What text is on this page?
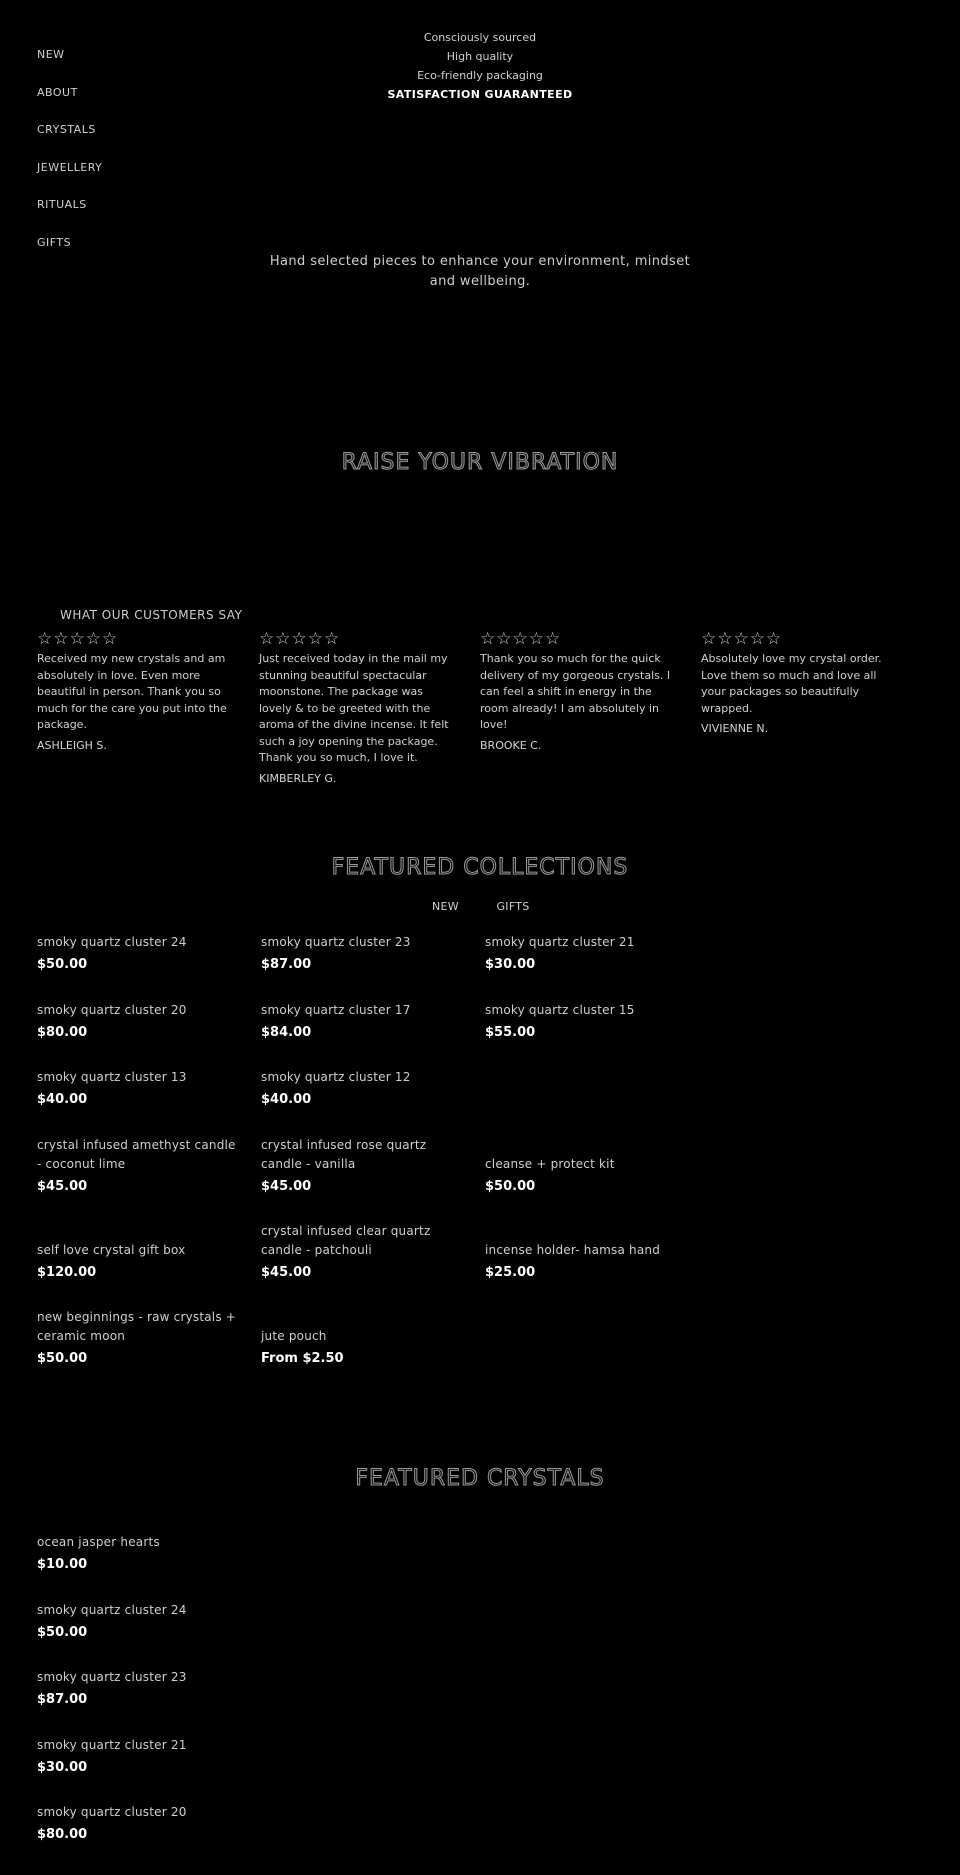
NEW
ABOUT
CRYSTALS
JEWELLERY
RITUALS
GIFTS
Consciously sourced
High quality
Eco-friendly packaging
SATISFACTION GUARANTEED
Hand selected pieces to enhance your environment, mindset and wellbeing.
RAISE YOUR VIBRATION
WHAT OUR CUSTOMERS SAY
☆☆☆☆☆
Received my new crystals and am absolutely in love. Even more beautiful in person. Thank you so much for the care you put into the package.
ASHLEIGH S.
☆☆☆☆☆
Just received today in the mail my stunning beautiful spectacular moonstone. The package was lovely & to be greeted with the aroma of the divine incense. It felt such a joy opening the package. Thank you so much, I love it.
KIMBERLEY G.
☆☆☆☆☆
Thank you so much for the quick delivery of my gorgeous crystals. I can feel a shift in energy in the room already! I am absolutely in love!
BROOKE C.
☆☆☆☆☆
Absolutely love my crystal order. Love them so much and love all your packages so beautifully wrapped.
VIVIENNE N.
FEATURED COLLECTIONS
NEW	GIFTS
smoky quartz cluster 24
$50.00
smoky quartz cluster 23
$87.00
smoky quartz cluster 21
$30.00
smoky quartz cluster 20
$80.00
smoky quartz cluster 17
$84.00
smoky quartz cluster 15
$55.00
smoky quartz cluster 13
$40.00
smoky quartz cluster 12
$40.00
crystal infused amethyst candle - coconut lime
$45.00
crystal infused rose quartz candle - vanilla
$45.00
cleanse + protect kit
$50.00
self love crystal gift box
$120.00
crystal infused clear quartz candle - patchouli
$45.00
incense holder- hamsa hand
$25.00
new beginnings - raw crystals + ceramic moon
$50.00
jute pouch
From $2.50
FEATURED CRYSTALS
ocean jasper hearts
$10.00
smoky quartz cluster 24
$50.00
smoky quartz cluster 23
$87.00
smoky quartz cluster 21
$30.00
smoky quartz cluster 20
$80.00
